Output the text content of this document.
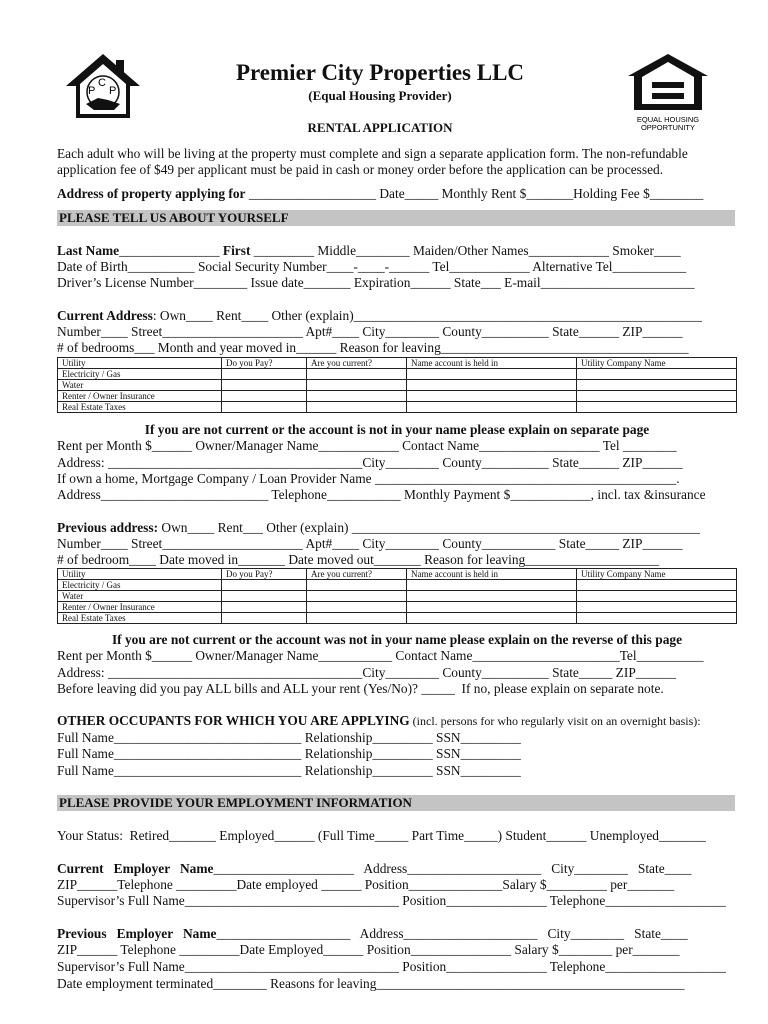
P
C
P
EQUAL HOUSING
OPPORTUNITY
Premier City Properties LLC
(Equal Housing Provider)
RENTAL APPLICATION
Each adult who will be living at the property must complete and sign a separate application form. The non-refundable
application fee of $49 per applicant must be paid in cash or money order before the application can be processed.
Address of property applying for ___________________ Date_____ Monthly Rent $_______Holding Fee $________
PLEASE TELL US ABOUT YOURSELF
Last Name_______________ First _________ Middle________ Maiden/Other Names____________ Smoker____
Date of Birth__________ Social Security Number____-____-______ Tel____________ Alternative Tel___________
Driver’s License Number________ Issue date_______ Expiration______ State___ E-mail_______________________
Current Address: Own____ Rent____ Other (explain)____________________________________________________
Number____ Street_____________________ Apt#____ City________ County__________ State______ ZIP______
# of bedrooms___ Month and year moved in______ Reason for leaving_____________________________________
Utility	Do you Pay?	Are you current?	Name account is held in	Utility Company Name
Electricity / Gas				
Water				
Renter / Owner Insurance				
Real Estate Taxes				
If you are not current or the account is not in your name please explain on separate page
Rent per Month $______ Owner/Manager Name____________ Contact Name__________________ Tel ________
Address: ______________________________________City________ County__________ State______ ZIP______
If own a home, Mortgage Company / Loan Provider Name _____________________________________________.
Address_________________________ Telephone___________ Monthly Payment $____________, incl. tax &insurance
Previous address: Own____ Rent___ Other (explain) ____________________________________________________
Number____ Street_____________________ Apt#____ City________ County___________ State_____ ZIP______
# of bedroom____ Date moved in_______ Date moved out_______ Reason for leaving____________________
Utility	Do you Pay?	Are you current?	Name account is held in	Utility Company Name
Electricity / Gas				
Water				
Renter / Owner Insurance				
Real Estate Taxes				
If you are not current or the account was not in your name please explain on the reverse of this page
Rent per Month $______ Owner/Manager Name___________ Contact Name______________________Tel__________
Address: ______________________________________City________ County__________ State_____ ZIP______
Before leaving did you pay ALL bills and ALL your rent (Yes/No)? _____  If no, please explain on separate note.
OTHER OCCUPANTS FOR WHICH YOU ARE APPLYING (incl. persons for who regularly visit on an overnight basis):
Full Name____________________________ Relationship_________ SSN_________
Full Name____________________________ Relationship_________ SSN_________
Full Name____________________________ Relationship_________ SSN_________
PLEASE PROVIDE YOUR EMPLOYMENT INFORMATION
Your Status:  Retired_______ Employed______ (Full Time_____ Part Time_____) Student______ Unemployed_______
Current   Employer   Name_____________________   Address____________________   City________   State____
ZIP______Telephone _________Date employed ______ Position______________Salary $_________ per_______
Supervisor’s Full Name________________________________ Position_______________ Telephone__________________
Previous   Employer   Name____________________   Address____________________   City________   State____
ZIP______ Telephone _________Date Employed______ Position_______________ Salary $________ per_______
Supervisor’s Full Name________________________________ Position_______________ Telephone__________________
Date employment terminated________ Reasons for leaving______________________________________________
